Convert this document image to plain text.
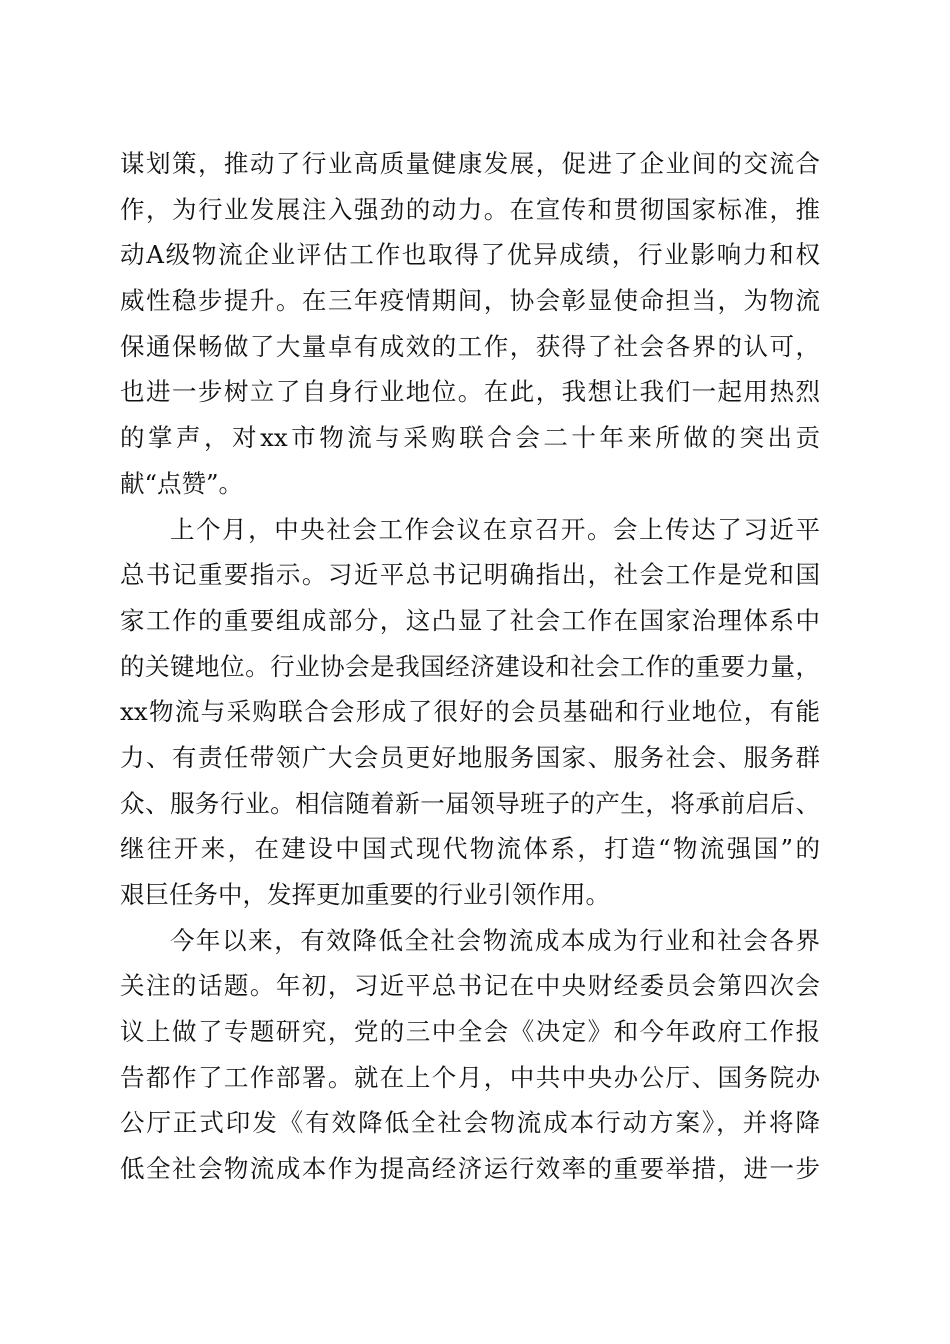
谋划策，推动了行业高质量健康发展，促进了企业间的交流合
作，为行业发展注入强劲的动力。在宣传和贯彻国家标准，推
动A级物流企业评估工作也取得了优异成绩，行业影响力和权
威性稳步提升。在三年疫情期间，协会彰显使命担当，为物流
保通保畅做了大量卓有成效的工作，获得了社会各界的认可，
也进一步树立了自身行业地位。在此，我想让我们一起用热烈
的掌声，对xx市物流与采购联合会二十年来所做的突出贡
献“点赞”。
上个月，中央社会工作会议在京召开。会上传达了习近平
总书记重要指示。习近平总书记明确指出，社会工作是党和国
家工作的重要组成部分，这凸显了社会工作在国家治理体系中
的关键地位。行业协会是我国经济建设和社会工作的重要力量，
xx物流与采购联合会形成了很好的会员基础和行业地位，有能
力、有责任带领广大会员更好地服务国家、服务社会、服务群
众、服务行业。相信随着新一届领导班子的产生，将承前启后、
继往开来，在建设中国式现代物流体系，打造“物流强国”的
艰巨任务中，发挥更加重要的行业引领作用。
今年以来，有效降低全社会物流成本成为行业和社会各界
关注的话题。年初，习近平总书记在中央财经委员会第四次会
议上做了专题研究，党的三中全会《决定》和今年政府工作报
告都作了工作部署。就在上个月，中共中央办公厅、国务院办
公厅正式印发《有效降低全社会物流成本行动方案》，并将降
低全社会物流成本作为提高经济运行效率的重要举措，进一步
